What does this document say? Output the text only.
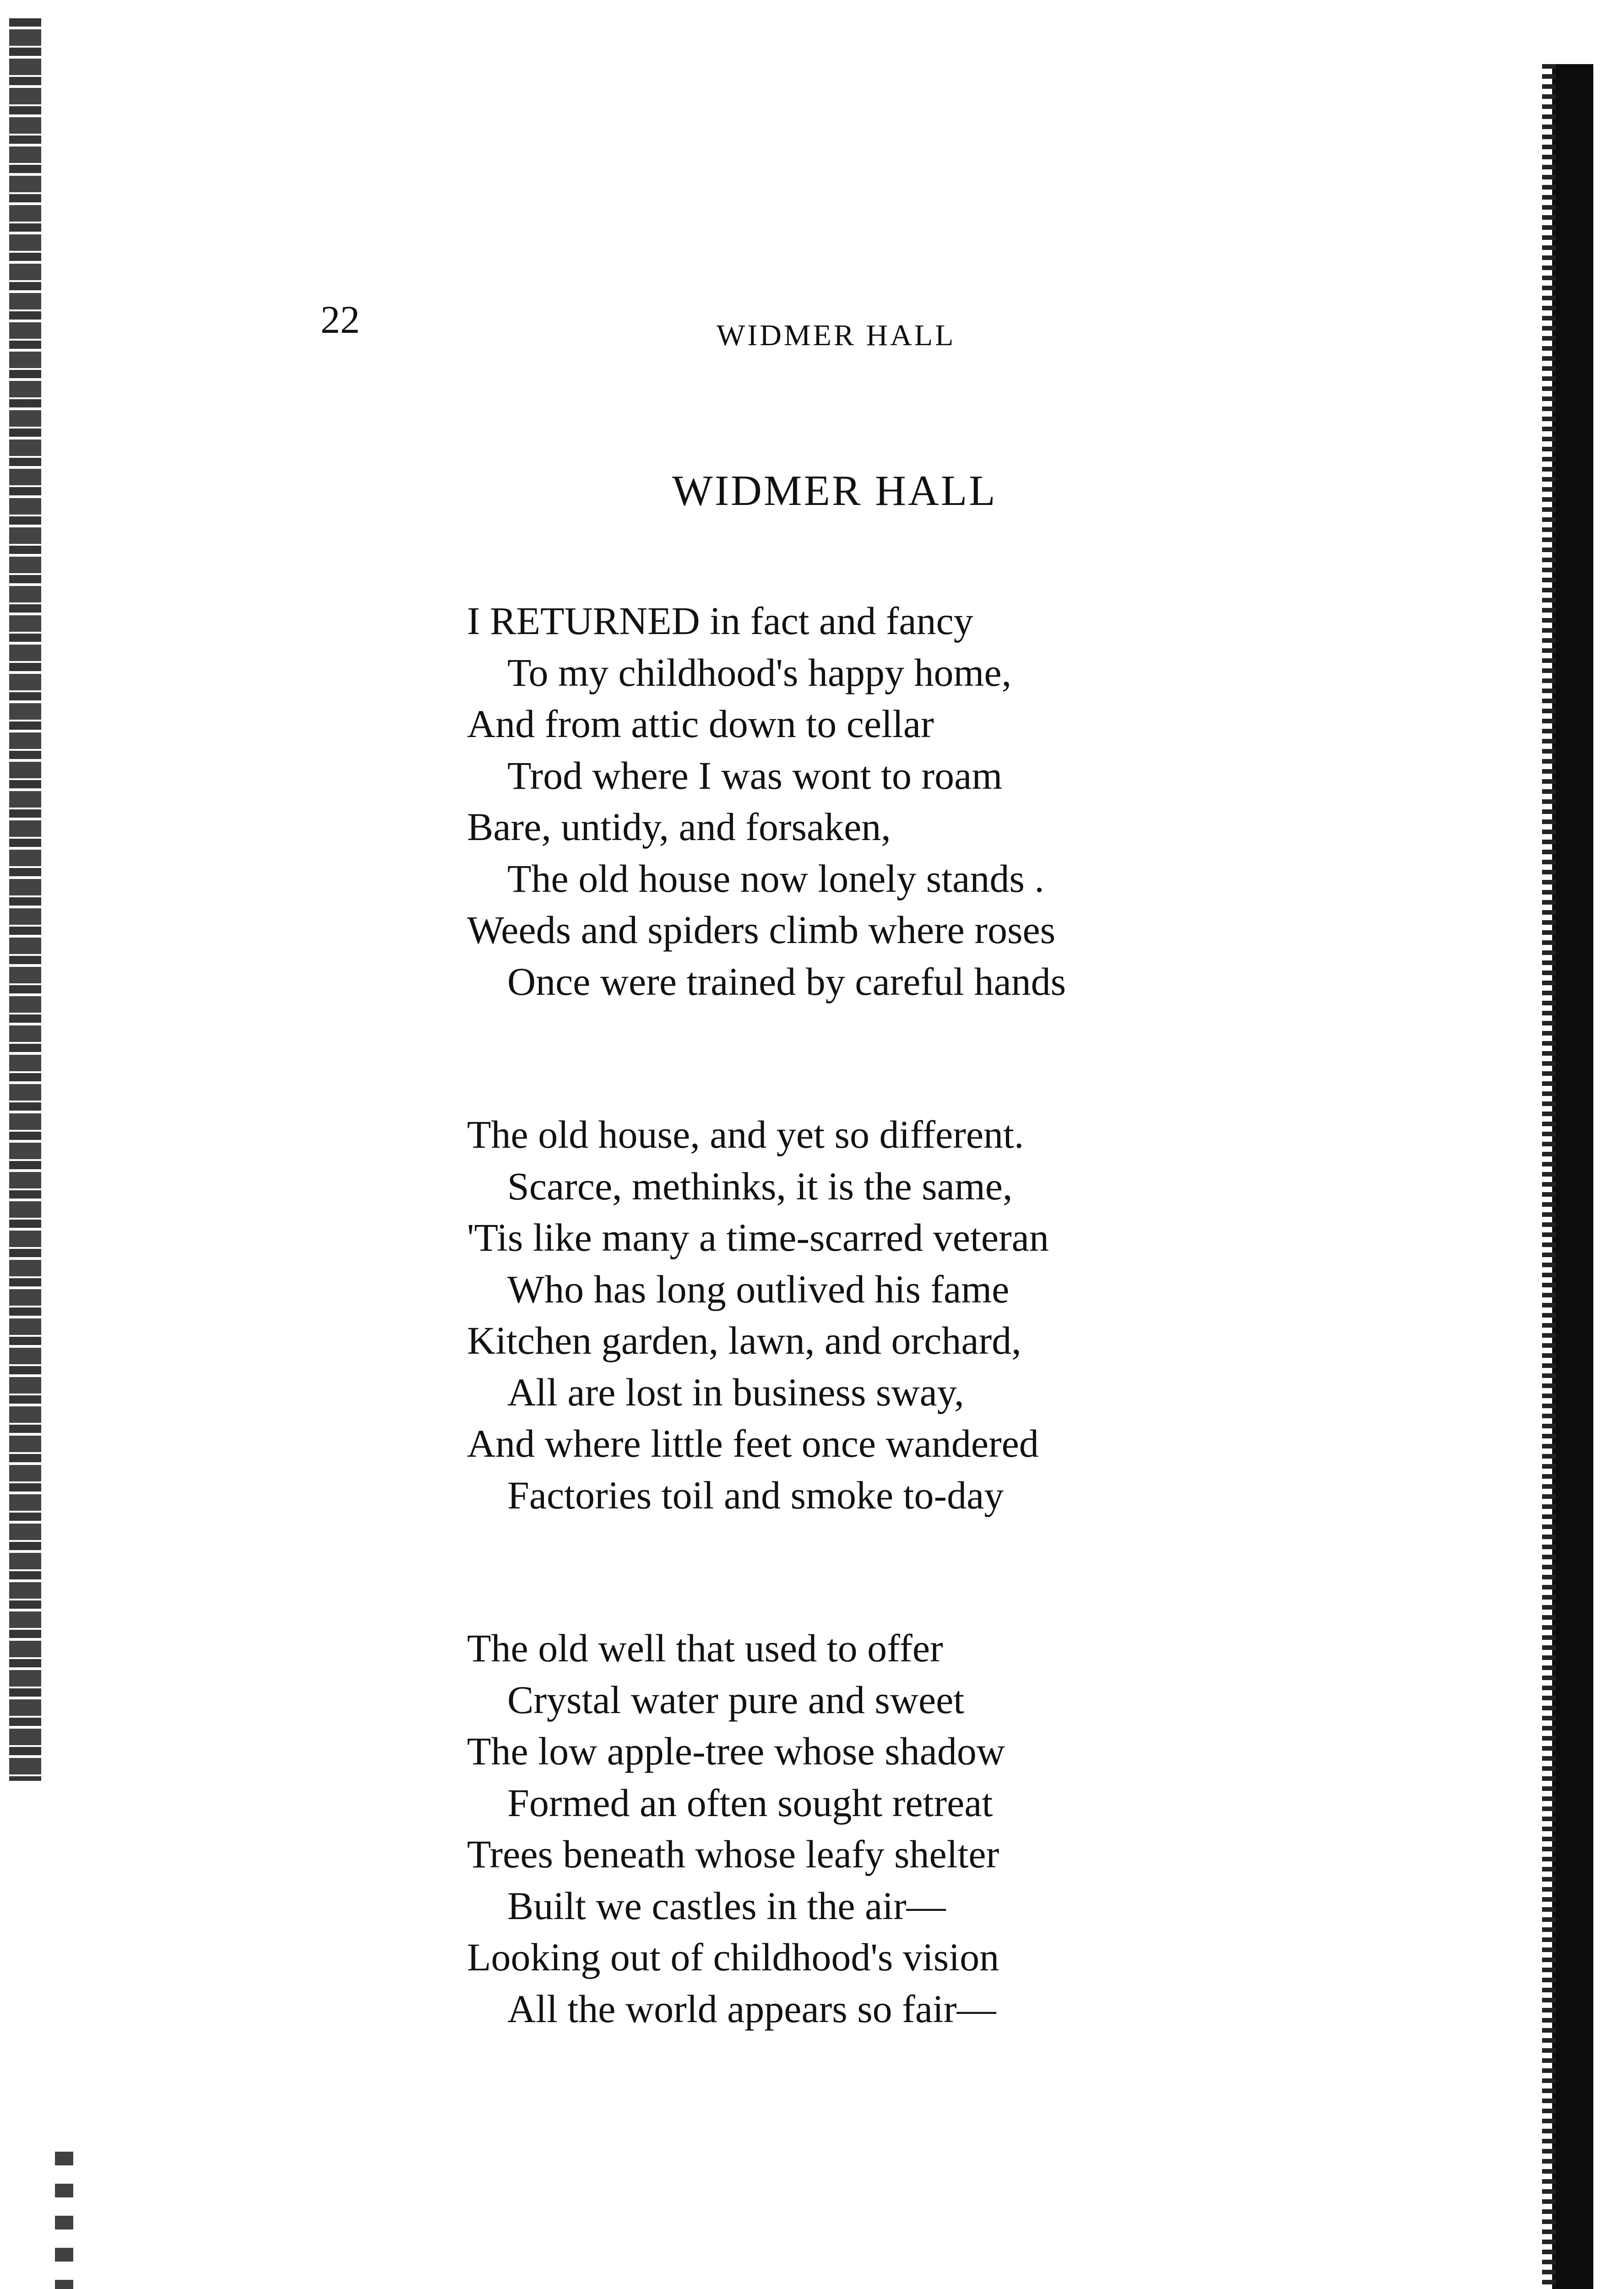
22	WIDMER HALL
WIDMER HALL
I RETURNED in fact and fancy
To my childhood's happy home,
And from attic down to cellar
Trod where I was wont to roam
Bare, untidy, and forsaken,
The old house now lonely stands .
Weeds and spiders climb where roses
Once were trained by careful hands
The old house, and yet so different.
Scarce, methinks, it is the same,
'Tis like many a time-scarred veteran
Who has long outlived his fame
Kitchen garden, lawn, and orchard,
All are lost in business sway,
And where little feet once wandered
Factories toil and smoke to-day
The old well that used to offer
Crystal water pure and sweet
The low apple-tree whose shadow
Formed an often sought retreat
Trees beneath whose leafy shelter
Built we castles in the air—
Looking out of childhood's vision
All the world appears so fair—
